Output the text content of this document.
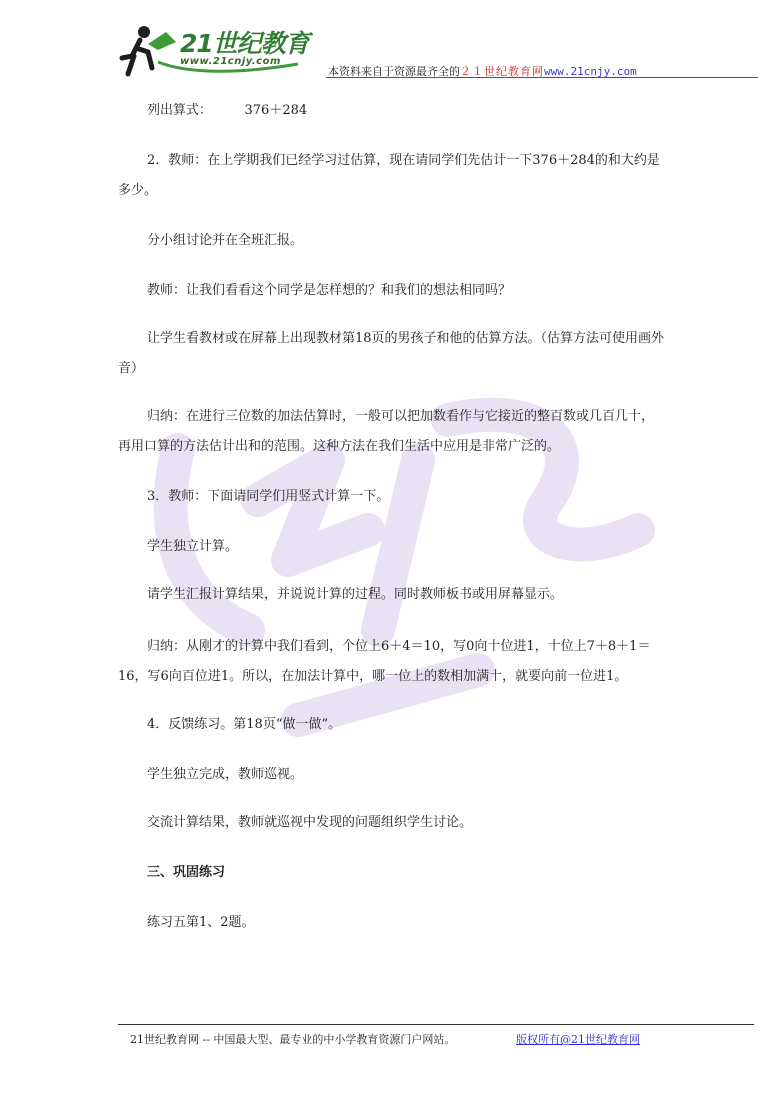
21世纪教育
www.21cnjy.com
本资料来自于资源最齐全的２１世纪教育网www.21cnjy.com

列出算式：　　　376＋284

2．教师：在上学期我们已经学习过估算，现在请同学们先估计一下376＋284的和大约是多少。

分小组讨论并在全班汇报。

教师：让我们看看这个同学是怎样想的？和我们的想法相同吗？

让学生看教材或在屏幕上出现教材第18页的男孩子和他的估算方法。（估算方法可使用画外音）

归纳：在进行三位数的加法估算时，一般可以把加数看作与它接近的整百数或几百几十，再用口算的方法估计出和的范围。这种方法在我们生活中应用是非常广泛的。

3．教师：下面请同学们用竖式计算一下。

学生独立计算。

请学生汇报计算结果，并说说计算的过程。同时教师板书或用屏幕显示。

归纳：从刚才的计算中我们看到，个位上6＋4＝10，写0向十位进1，十位上7＋8＋1＝16，写6向百位进1。所以，在加法计算中，哪一位上的数相加满十，就要向前一位进1。

4．反馈练习。第18页“做一做”。

学生独立完成，教师巡视。

交流计算结果，教师就巡视中发现的问题组织学生讨论。

三、巩固练习

练习五第1、2题。

21世纪教育网 -- 中国最大型、最专业的中小学教育资源门户网站。	版权所有@21世纪教育网
